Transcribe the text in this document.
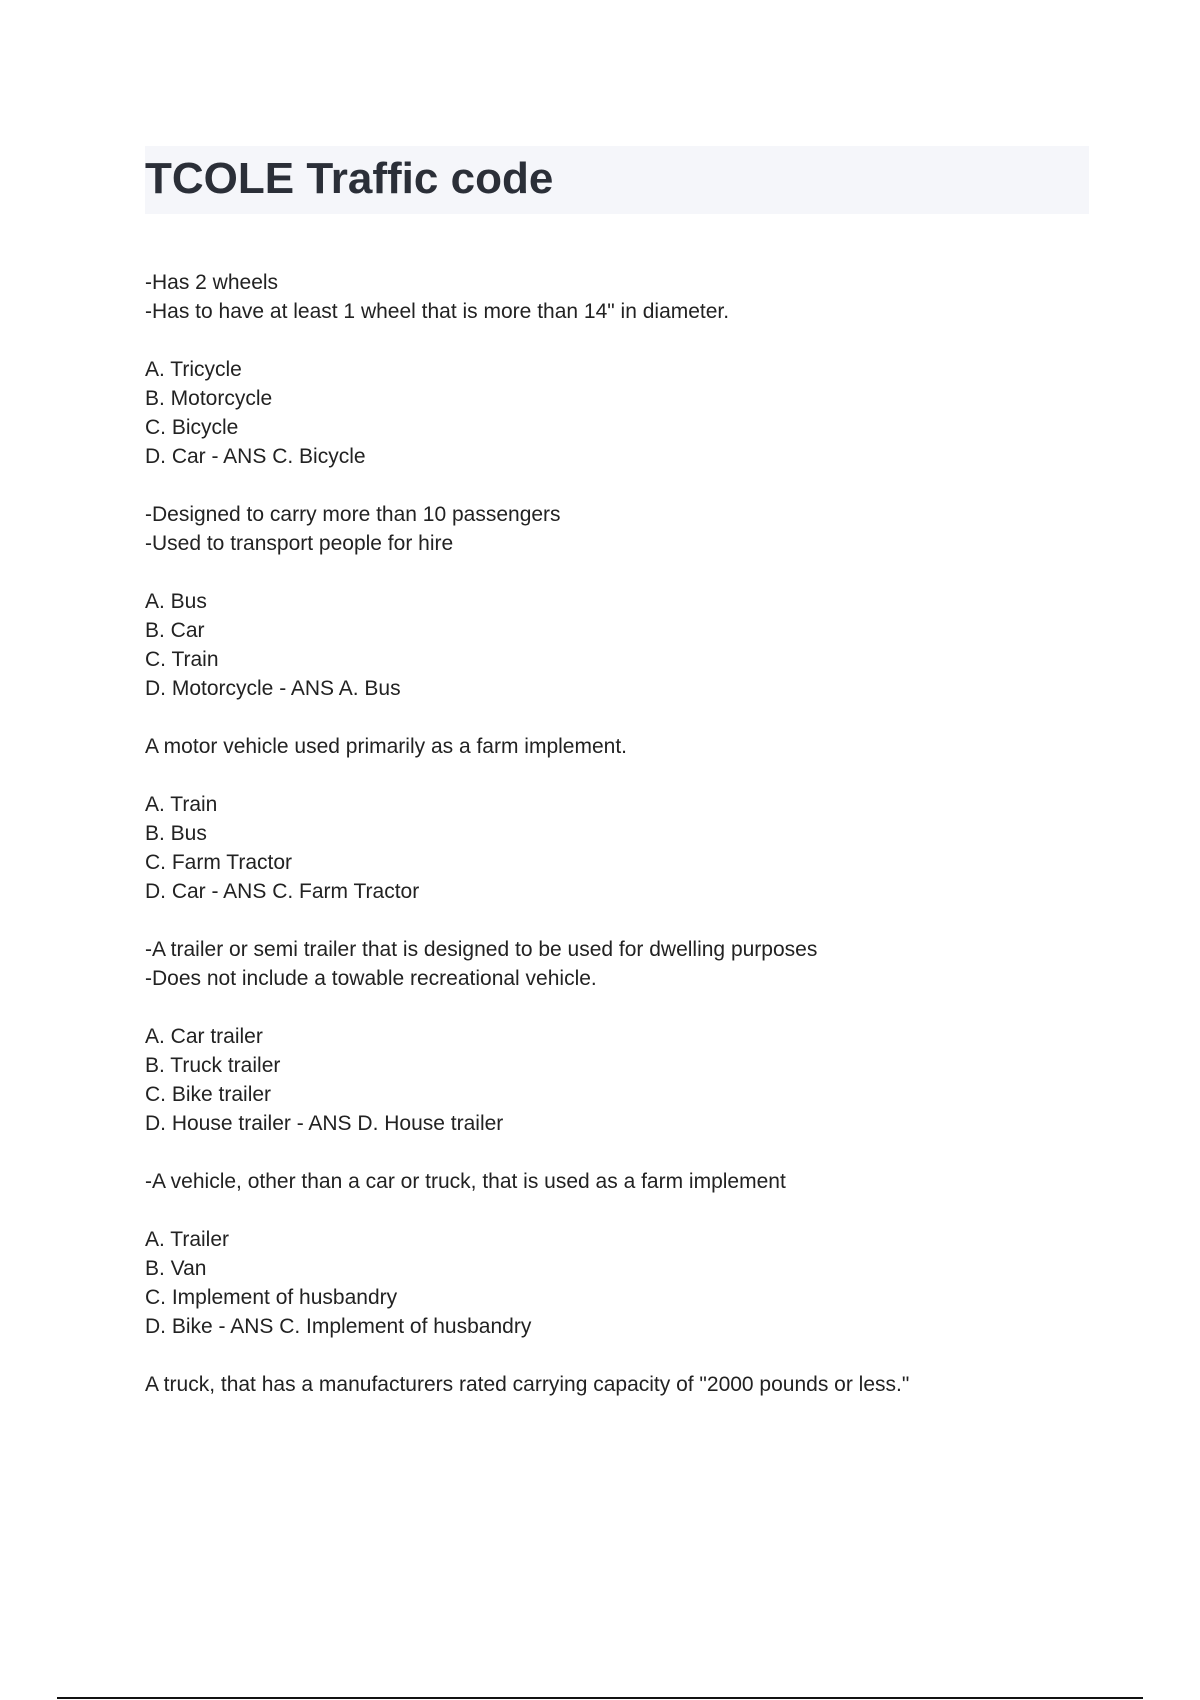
TCOLE Traffic code
-Has 2 wheels
-Has to have at least 1 wheel that is more than 14" in diameter.
A. Tricycle
B. Motorcycle
C. Bicycle
D. Car - ANS C. Bicycle
-Designed to carry more than 10 passengers
-Used to transport people for hire
A. Bus
B. Car
C. Train
D. Motorcycle - ANS A. Bus
A motor vehicle used primarily as a farm implement.
A. Train
B. Bus
C. Farm Tractor
D. Car - ANS C. Farm Tractor
-A trailer or semi trailer that is designed to be used for dwelling purposes
-Does not include a towable recreational vehicle.
A. Car trailer
B. Truck trailer
C. Bike trailer
D. House trailer - ANS D. House trailer
-A vehicle, other than a car or truck, that is used as a farm implement
A. Trailer
B. Van
C. Implement of husbandry
D. Bike - ANS C. Implement of husbandry
A truck, that has a manufacturers rated carrying capacity of "2000 pounds or less."
